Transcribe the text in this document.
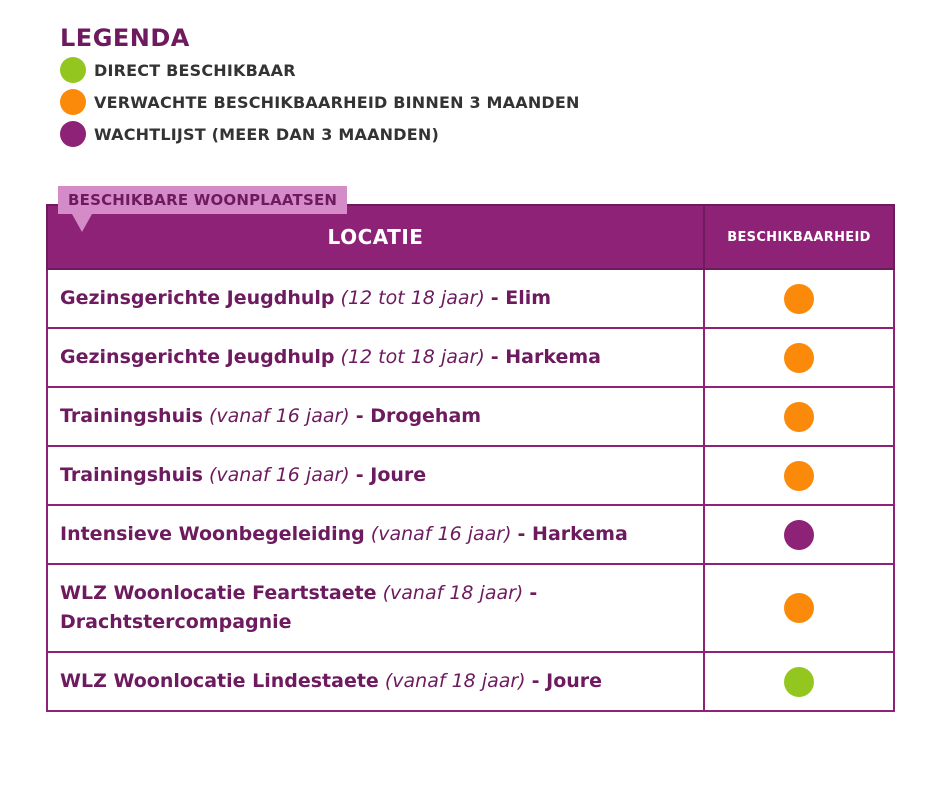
LEGENDA
DIRECT BESCHIKBAAR
VERWACHTE BESCHIKBAARHEID BINNEN 3 MAANDEN
WACHTLIJST (MEER DAN 3 MAANDEN)
BESCHIKBARE WOONPLAATSEN
LOCATIE	BESCHIKBAARHEID
Gezinsgerichte Jeugdhulp (12 tot 18 jaar) - Elim	
Gezinsgerichte Jeugdhulp (12 tot 18 jaar) - Harkema	
Trainingshuis (vanaf 16 jaar) - Drogeham	
Trainingshuis (vanaf 16 jaar) - Joure	
Intensieve Woonbegeleiding (vanaf 16 jaar) - Harkema	
WLZ Woonlocatie Feartstaete (vanaf 18 jaar) - Drachtstercompagnie	
WLZ Woonlocatie Lindestaete (vanaf 18 jaar) - Joure	
